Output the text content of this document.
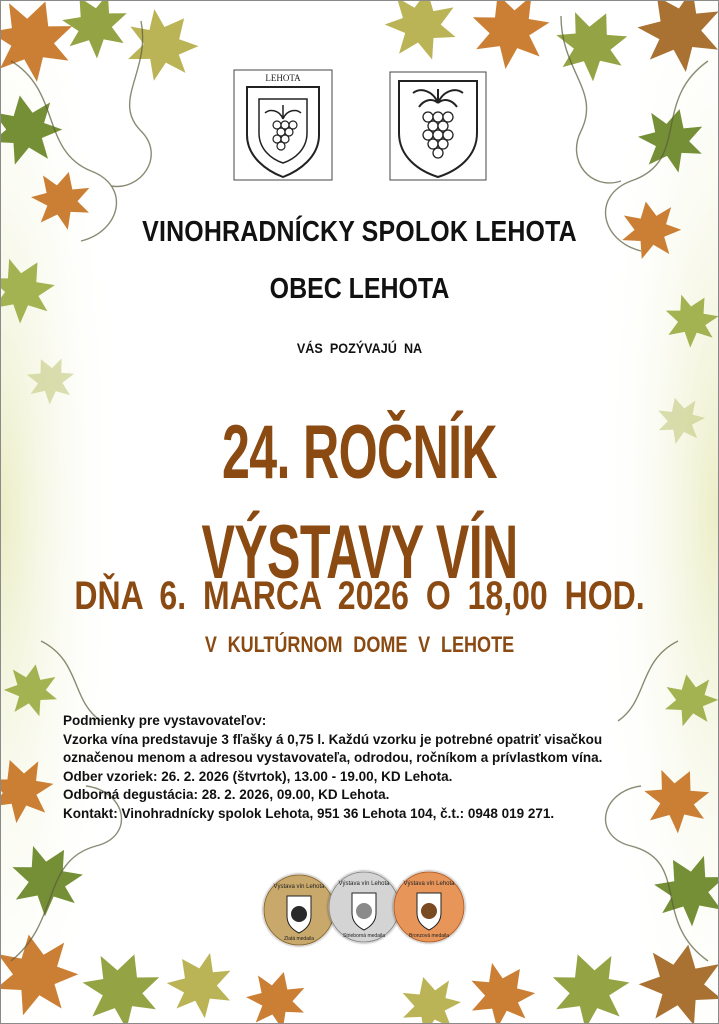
LEHOTA
VINOHRADNÍCKY SPOLOK LEHOTA
OBEC LEHOTA
VÁS POZÝVAJÚ NA
24. ROČNÍK VÝSTAVY VÍN
DŇA 6. MARCA 2026 O 18,00 HOD.
V KULTÚRNOM DOME V LEHOTE

Podmienky pre vystavovateľov:

Vzorka vína predstavuje 3 fľašky á 0,75 l. Každú vzorku je potrebné opatriť visačkou

označenou menom a adresou vystavovateľa, odrodou, ročníkom a prívlastkom vína.

Odber vzoriek: 26. 2. 2026 (štvrtok), 13.00 - 19.00, KD Lehota.

Odborná degustácia: 28. 2. 2026, 09.00, KD Lehota.

Kontakt: Vinohradnícky spolok Lehota, 951 36 Lehota 104, č.t.: 0948 019 271.

Výstava vín Lehota
Zlatá medaila
Výstava vín Lehota
Strieborná medaila
Výstava vín Lehota
Bronzová medaila
